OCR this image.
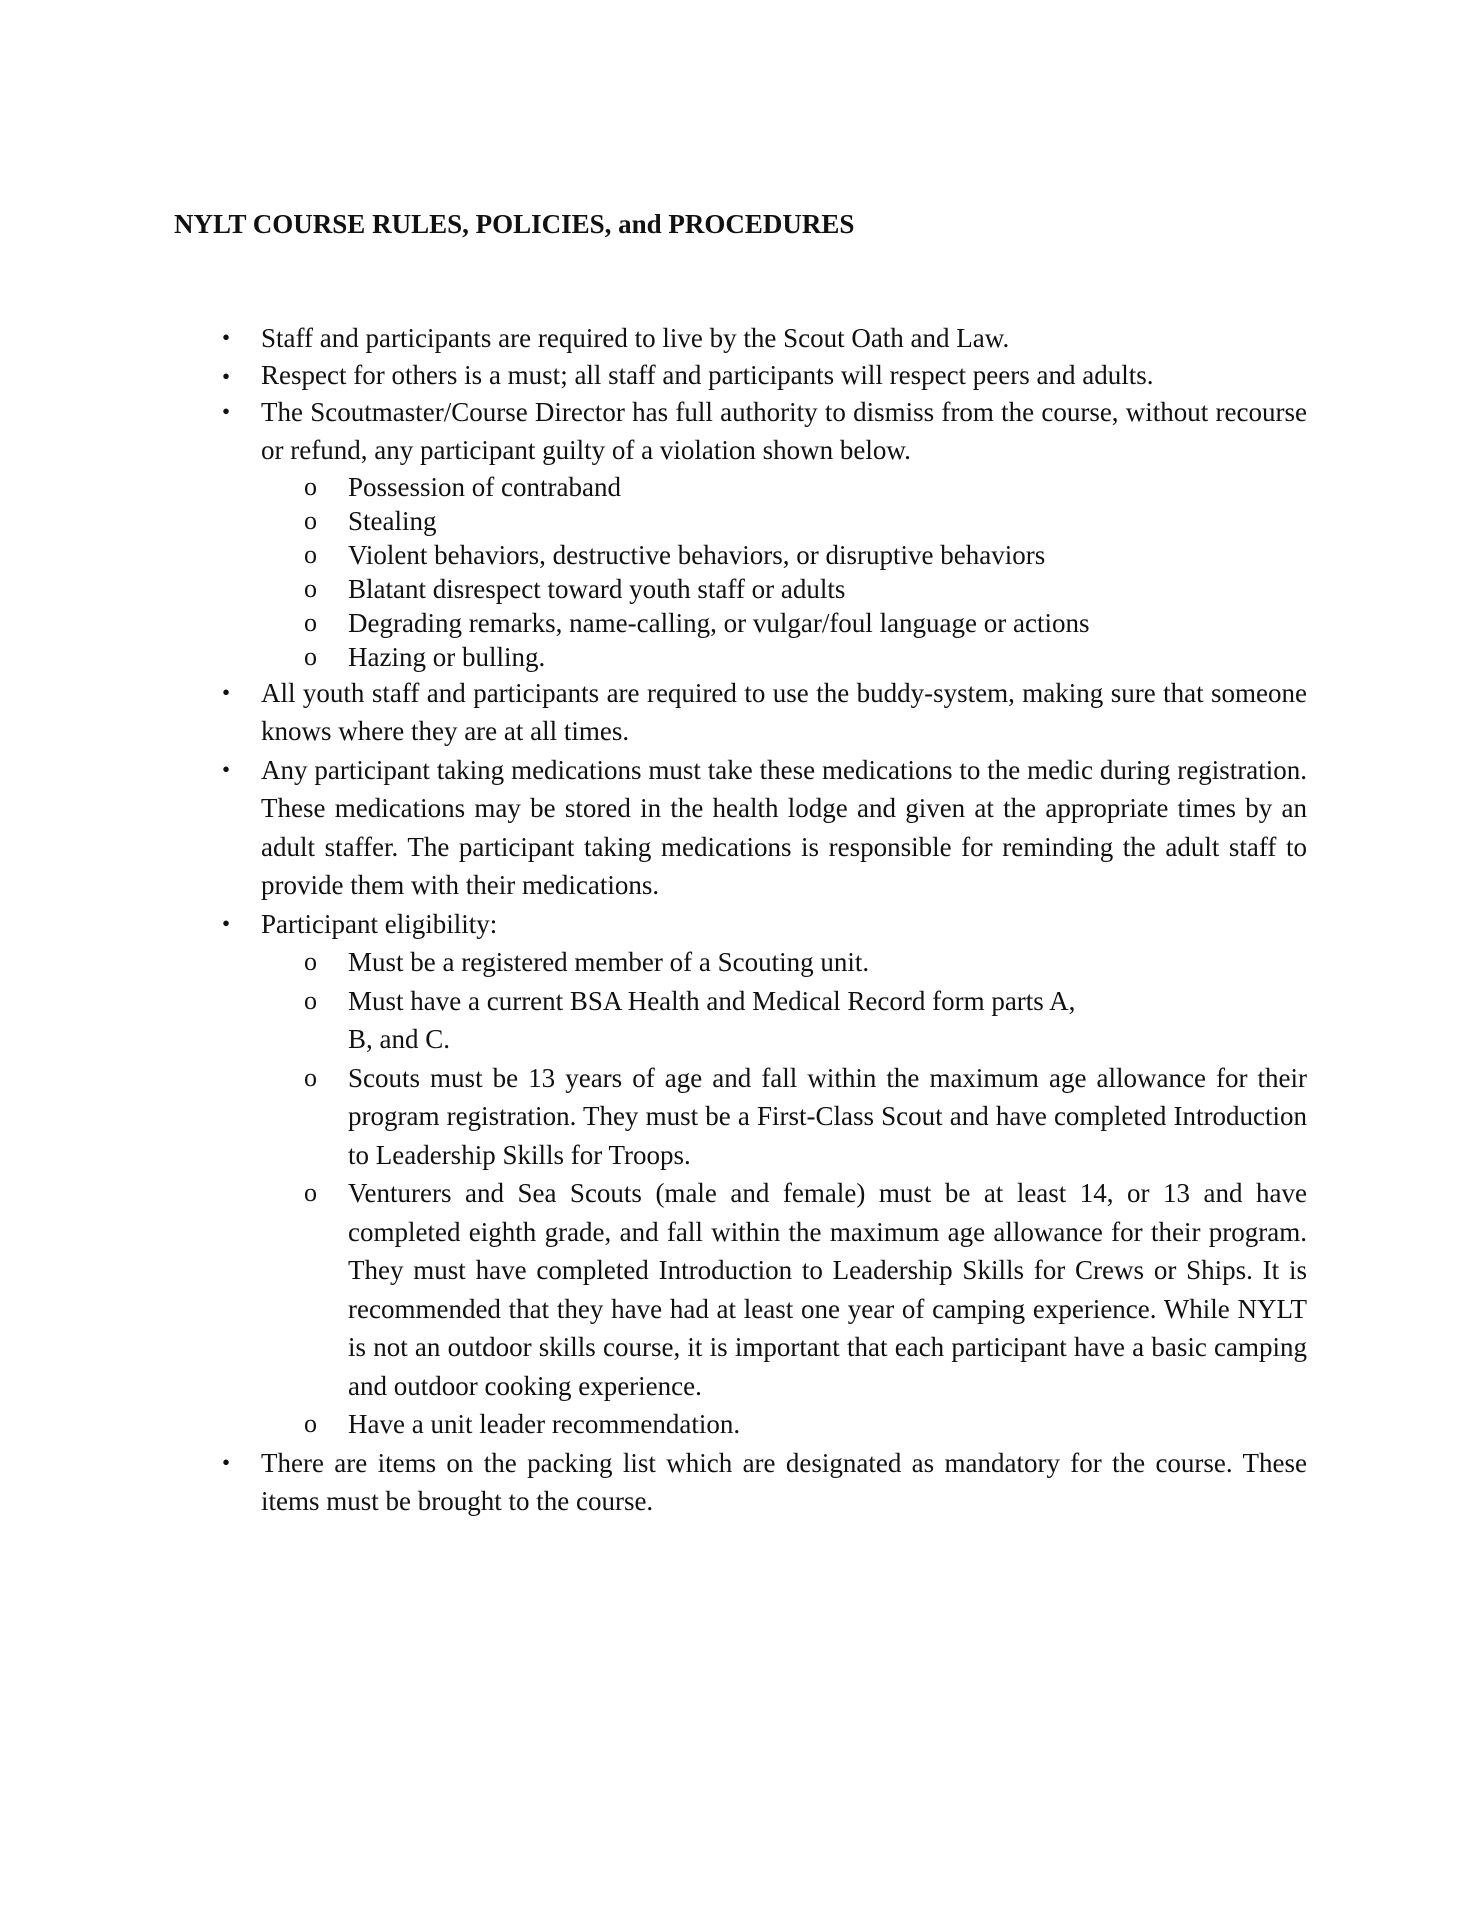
NYLT COURSE RULES, POLICIES, and PROCEDURES
• Staff and participants are required to live by the Scout Oath and Law.
• Respect for others is a must; all staff and participants will respect peers and adults.
• The Scoutmaster/Course Director has full authority to dismiss from the course, without recourse or refund, any participant guilty of a violation shown below.
o Possession of contraband
o Stealing
o Violent behaviors, destructive behaviors, or disruptive behaviors
o Blatant disrespect toward youth staff or adults
o Degrading remarks, name-calling, or vulgar/foul language or actions
o Hazing or bulling.
• All youth staff and participants are required to use the buddy-system, making sure that someone knows where they are at all times.
• Any participant taking medications must take these medications to the medic during registration. These medications may be stored in the health lodge and given at the appropriate times by an adult staffer. The participant taking medications is responsible for reminding the adult staff to provide them with their medications.
• Participant eligibility:
o Must be a registered member of a Scouting unit.
o Must have a current BSA Health and Medical Record form parts A,
B, and C.
o Scouts must be 13 years of age and fall within the maximum age allowance for their program registration. They must be a First-Class Scout and have completed Introduction to Leadership Skills for Troops.
o Venturers and Sea Scouts (male and female) must be at least 14, or 13 and have completed eighth grade, and fall within the maximum age allowance for their program. They must have completed Introduction to Leadership Skills for Crews or Ships. It is recommended that they have had at least one year of camping experience. While NYLT is not an outdoor skills course, it is important that each participant have a basic camping and outdoor cooking experience.
o Have a unit leader recommendation.
• There are items on the packing list which are designated as mandatory for the course. These items must be brought to the course.
